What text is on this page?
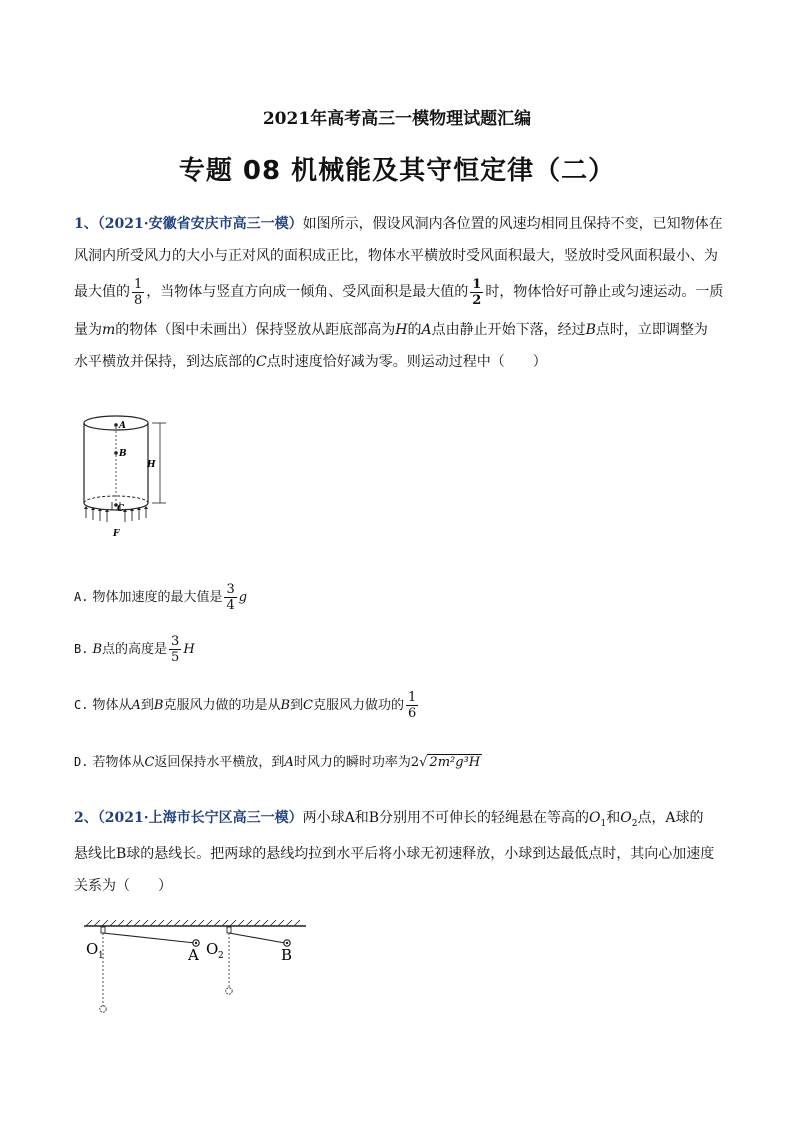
2021年高考高三一模物理试题汇编
专题 08 机械能及其守恒定律（二）
1、（2021·安徽省安庆市高三一模）如图所示，假设风洞内各位置的风速均相同且保持不变，已知物体在
风洞内所受风力的大小与正对风的面积成正比，物体水平横放时受风面积最大，竖放时受风面积最小、为
最大值的 $\frac{1}{8}$ ，当物体与竖直方向成一倾角、受风面积是最大值的 $\frac{1}{2}$ 时，物体恰好可静止或匀速运动。一质
量为m的物体（图中未画出）保持竖放从距底部高为H的A点由静止开始下落，经过B点时，立即调整为
水平横放并保持，到达底部的C点时速度恰好减为零。则运动过程中（　　）
A
B
C
H
F
A. 物体加速度的最大值是 $\frac{3}{4}$ g
B. B点的高度是 $\frac{3}{5}$ H
C. 物体从A到B克服风力做的功是从B到C克服风力做功的 $\frac{1}{6}$
D. 若物体从C返回保持水平横放，到A时风力的瞬时功率为2√ 2m²g³H
2、（2021·上海市长宁区高三一模）两小球A和B分别用不可伸长的轻绳悬在等高的$O_1$和$O_2$点，A球的
悬线比B球的悬线长。把两球的悬线均拉到水平后将小球无初速释放，小球到达最低点时，其向心加速度
关系为（　　）
O 1	A O 2	B
